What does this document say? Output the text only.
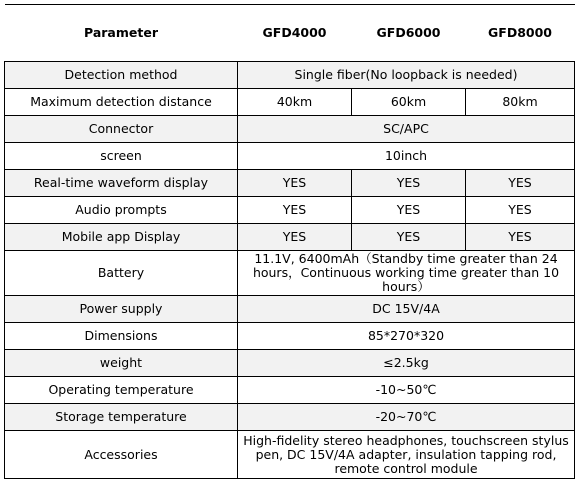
Parameter	GFD4000	GFD6000	GFD8000
Detection method	Single fiber(No loopback is needed)		
Maximum detection distance	40km	60km	80km
Connector	SC/APC		
screen	10inch		
Real-time waveform display	YES	YES	YES
Audio prompts	YES	YES	YES
Mobile app Display	YES	YES	YES
Battery	11.1V, 6400mAh（Standby time greater than 24 hours，Continuous working time greater than 10 hours）		
Power supply	DC 15V/4A		
Dimensions	85*270*320		
weight	≤2.5kg		
Operating temperature	-10~50℃		
Storage temperature	-20~70℃		
Accessories	High-fidelity stereo headphones, touchscreen stylus pen, DC 15V/4A adapter, insulation tapping rod, remote control module		
